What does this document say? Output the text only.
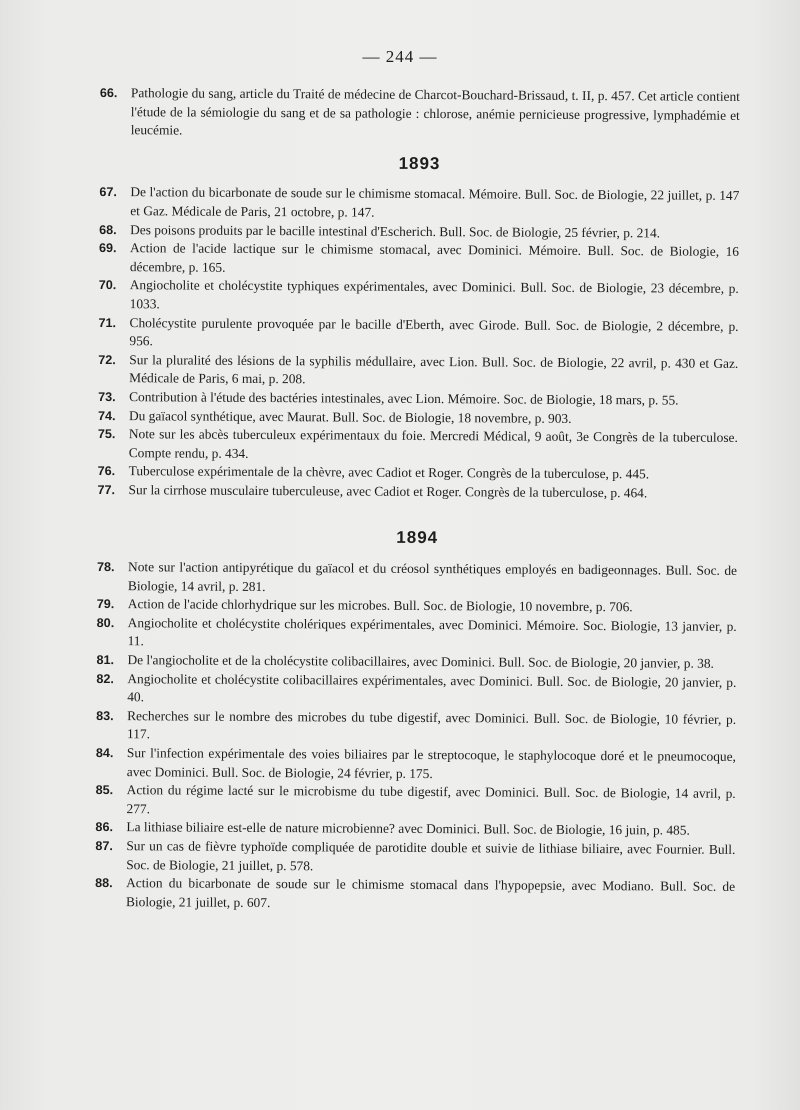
— 244 —
66. Pathologie du sang, article du Traité de médecine de Charcot-Bouchard-Brissaud, t. II, p. 457. Cet article contient l'étude de la sémiologie du sang et de sa pathologie : chlorose, anémie pernicieuse progressive, lymphadémie et leucémie.
1893
67. De l'action du bicarbonate de soude sur le chimisme stomacal. Mémoire. Bull. Soc. de Biologie, 22 juillet, p. 147 et Gaz. Médicale de Paris, 21 octobre, p. 147.
68. Des poisons produits par le bacille intestinal d'Escherich. Bull. Soc. de Biologie, 25 février, p. 214.
69. Action de l'acide lactique sur le chimisme stomacal, avec Dominici. Mémoire. Bull. Soc. de Biologie, 16 décembre, p. 165.
70. Angiocholite et cholécystite typhiques expérimentales, avec Dominici. Bull. Soc. de Biologie, 23 décembre, p. 1033.
71. Cholécystite purulente provoquée par le bacille d'Eberth, avec Girode. Bull. Soc. de Biologie, 2 décembre, p. 956.
72. Sur la pluralité des lésions de la syphilis médullaire, avec Lion. Bull. Soc. de Biologie, 22 avril, p. 430 et Gaz. Médicale de Paris, 6 mai, p. 208.
73. Contribution à l'étude des bactéries intestinales, avec Lion. Mémoire. Soc. de Biologie, 18 mars, p. 55.
74. Du gaïacol synthétique, avec Maurat. Bull. Soc. de Biologie, 18 novembre, p. 903.
75. Note sur les abcès tuberculeux expérimentaux du foie. Mercredi Médical, 9 août, 3e Congrès de la tuberculose. Compte rendu, p. 434.
76. Tuberculose expérimentale de la chèvre, avec Cadiot et Roger. Congrès de la tuberculose, p. 445.
77. Sur la cirrhose musculaire tuberculeuse, avec Cadiot et Roger. Congrès de la tuberculose, p. 464.
1894
78. Note sur l'action antipyrétique du gaïacol et du créosol synthétiques employés en badigeonnages. Bull. Soc. de Biologie, 14 avril, p. 281.
79. Action de l'acide chlorhydrique sur les microbes. Bull. Soc. de Biologie, 10 novembre, p. 706.
80. Angiocholite et cholécystite cholériques expérimentales, avec Dominici. Mémoire. Soc. Biologie, 13 janvier, p. 11.
81. De l'angiocholite et de la cholécystite colibacillaires, avec Dominici. Bull. Soc. de Biologie, 20 janvier, p. 38.
82. Angiocholite et cholécystite colibacillaires expérimentales, avec Dominici. Bull. Soc. de Biologie, 20 janvier, p. 40.
83. Recherches sur le nombre des microbes du tube digestif, avec Dominici. Bull. Soc. de Biologie, 10 février, p. 117.
84. Sur l'infection expérimentale des voies biliaires par le streptocoque, le staphylocoque doré et le pneumocoque, avec Dominici. Bull. Soc. de Biologie, 24 février, p. 175.
85. Action du régime lacté sur le microbisme du tube digestif, avec Dominici. Bull. Soc. de Biologie, 14 avril, p. 277.
86. La lithiase biliaire est-elle de nature microbienne? avec Dominici. Bull. Soc. de Biologie, 16 juin, p. 485.
87. Sur un cas de fièvre typhoïde compliquée de parotidite double et suivie de lithiase biliaire, avec Fournier. Bull. Soc. de Biologie, 21 juillet, p. 578.
88. Action du bicarbonate de soude sur le chimisme stomacal dans l'hypopepsie, avec Modiano. Bull. Soc. de Biologie, 21 juillet, p. 607.
